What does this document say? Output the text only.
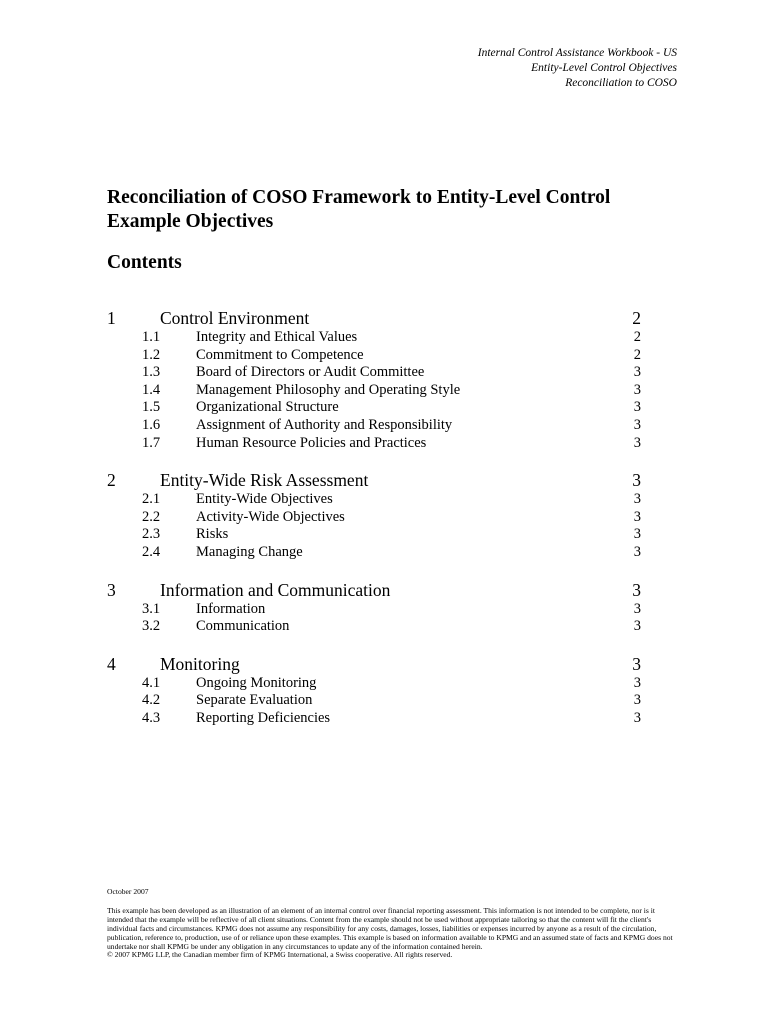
Internal Control Assistance Workbook - US
Entity-Level Control Objectives
Reconciliation to COSO
Reconciliation of COSO Framework to Entity-Level Control Example Objectives
Contents
1	Control Environment	2
1.1 Integrity and Ethical Values	2
1.2 Commitment to Competence	2
1.3 Board of Directors or Audit Committee	3
1.4 Management Philosophy and Operating Style	3
1.5 Organizational Structure	3
1.6 Assignment of Authority and Responsibility	3
1.7 Human Resource Policies and Practices	3
2	Entity-Wide Risk Assessment	3
2.1 Entity-Wide Objectives	3
2.2 Activity-Wide Objectives	3
2.3 Risks	3
2.4 Managing Change	3
3	Information and Communication	3
3.1 Information	3
3.2 Communication	3
4	Monitoring	3
4.1 Ongoing Monitoring	3
4.2 Separate Evaluation	3
4.3 Reporting Deficiencies	3
October 2007

This example has been developed as an illustration of an element of an internal control over financial reporting assessment. This information is not intended to be complete, nor is it

intended that the example will be reflective of all client situations. Content from the example should not be used without appropriate tailoring so that the content will fit the client's

individual facts and circumstances. KPMG does not assume any responsibility for any costs, damages, losses, liabilities or expenses incurred by anyone as a result of the circulation,

publication, reference to, production, use of or reliance upon these examples. This example is based on information available to KPMG and an assumed state of facts and KPMG does not

undertake nor shall KPMG be under any obligation in any circumstances to update any of the information contained herein.

© 2007 KPMG LLP, the Canadian member firm of KPMG International, a Swiss cooperative. All rights reserved.
